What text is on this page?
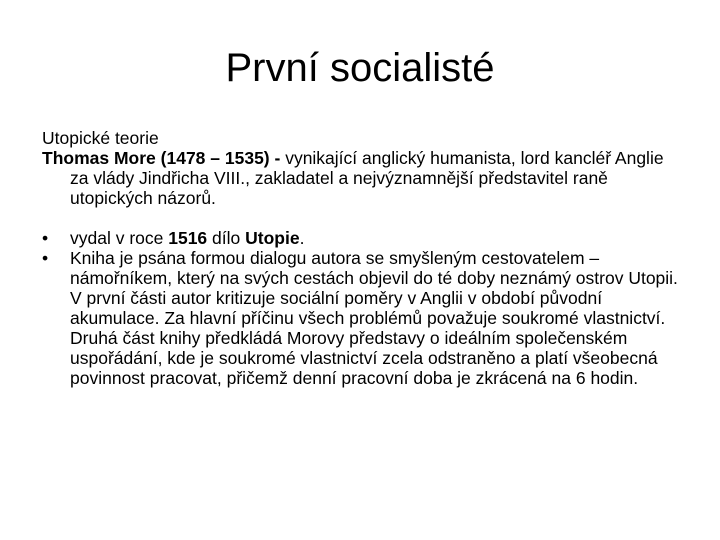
První socialisté

Utopické teorie

Thomas More (1478 – 1535) - vynikající anglický humanista, lord kancléř Anglie za vlády Jindřicha VIII., zakladatel a nejvýznamnější představitel raně utopických názorů.

•	vydal v roce 1516 dílo Utopie.
•	Kniha je psána formou dialogu autora se smyšleným cestovatelem – námořníkem, který na svých cestách objevil do té doby neznámý ostrov Utopii. V první části autor kritizuje sociální poměry v Anglii v období původní akumulace. Za hlavní příčinu všech problémů považuje soukromé vlastnictví. Druhá část knihy předkládá Morovy představy o ideálním společenském uspořádání, kde je soukromé vlastnictví zcela odstraněno a platí všeobecná povinnost pracovat, přičemž denní pracovní doba je zkrácená na 6 hodin.
